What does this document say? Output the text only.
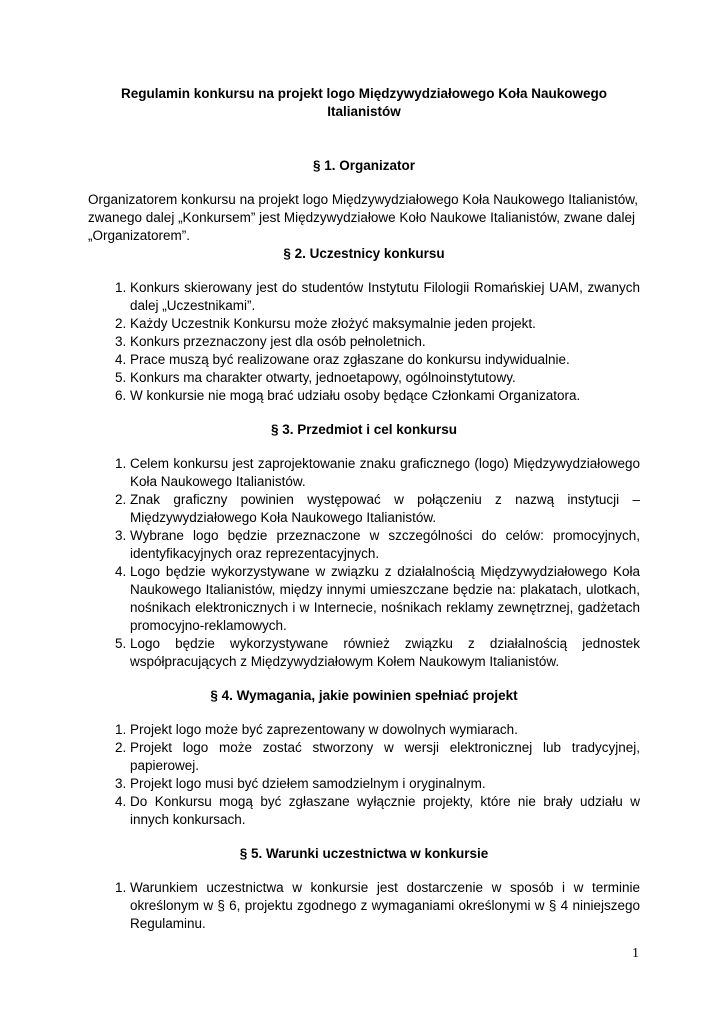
Regulamin konkursu na projekt logo Międzywydziałowego Koła Naukowego Italianistów
§ 1. Organizator

Organizatorem konkursu na projekt logo Międzywydziałowego Koła Naukowego Italianistów, zwanego dalej „Konkursem” jest Międzywydziałowe Koło Naukowe Italianistów, zwane dalej „Organizatorem”.

§ 2. Uczestnicy konkursu
1. Konkurs skierowany jest do studentów Instytutu Filologii Romańskiej UAM, zwanych dalej „Uczestnikami”.
2. Każdy Uczestnik Konkursu może złożyć maksymalnie jeden projekt.
3. Konkurs przeznaczony jest dla osób pełnoletnich.
4. Prace muszą być realizowane oraz zgłaszane do konkursu indywidualnie.
5. Konkurs ma charakter otwarty, jednoetapowy, ogólnoinstytutowy.
6. W konkursie nie mogą brać udziału osoby będące Członkami Organizatora.
§ 3. Przedmiot i cel konkursu
1. Celem konkursu jest zaprojektowanie znaku graficznego (logo) Międzywydziałowego Koła Naukowego Italianistów.
2. Znak graficzny powinien występować w połączeniu z nazwą instytucji – Międzywydziałowego Koła Naukowego Italianistów.
3. Wybrane logo będzie przeznaczone w szczególności do celów: promocyjnych, identyfikacyjnych oraz reprezentacyjnych.
4. Logo będzie wykorzystywane w związku z działalnością Międzywydziałowego Koła Naukowego Italianistów, między innymi umieszczane będzie na: plakatach, ulotkach, nośnikach elektronicznych i w Internecie, nośnikach reklamy zewnętrznej, gadżetach promocyjno-reklamowych.
5. Logo będzie wykorzystywane również związku z działalnością jednostek współpracujących z Międzywydziałowym Kołem Naukowym Italianistów.
§ 4. Wymagania, jakie powinien spełniać projekt
1. Projekt logo może być zaprezentowany w dowolnych wymiarach.
2. Projekt logo może zostać stworzony w wersji elektronicznej lub tradycyjnej, papierowej.
3. Projekt logo musi być dziełem samodzielnym i oryginalnym.
4. Do Konkursu mogą być zgłaszane wyłącznie projekty, które nie brały udziału w innych konkursach.
§ 5. Warunki uczestnictwa w konkursie
1. Warunkiem uczestnictwa w konkursie jest dostarczenie w sposób i w terminie określonym w § 6, projektu zgodnego z wymaganiami określonymi w § 4 niniejszego Regulaminu.
1
